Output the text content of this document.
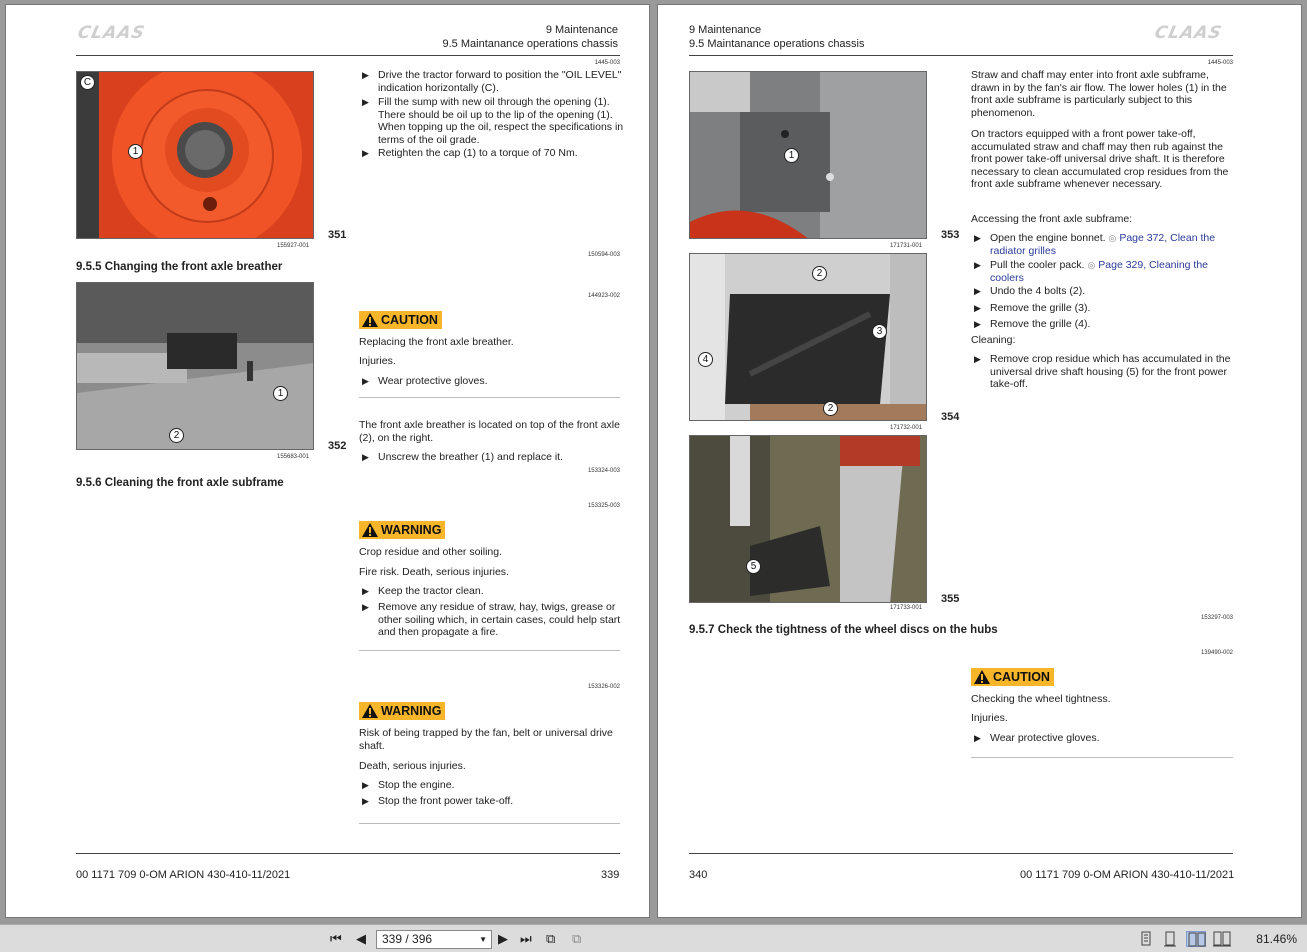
CLAAS	9 Maintenance
9.5 Maintanance operations chassis
1445-003
C
1
351
155927-001
▶ Drive the tractor forward to position the "OIL LEVEL" indication horizontally (C).
▶ Fill the sump with new oil through the opening (1). There should be oil up to the lip of the opening (1). When topping up the oil, respect the specifications in terms of the oil grade.
▶ Retighten the cap (1) to a torque of 70 Nm.
150594-003
9.5.5 Changing the front axle breather
1
2
352
155683-001
144923-002
CAUTION
Replacing the front axle breather.
Injuries.
▶ Wear protective gloves.
The front axle breather is located on top of the front axle (2), on the right.
▶ Unscrew the breather (1) and replace it.
153324-003
9.5.6 Cleaning the front axle subframe
153325-003
WARNING
Crop residue and other soiling.
Fire risk. Death, serious injuries.
▶ Keep the tractor clean.
▶ Remove any residue of straw, hay, twigs, grease or other soiling which, in certain cases, could help start and then propagate a fire.
153326-002
WARNING
Risk of being trapped by the fan, belt or universal drive shaft.
Death, serious injuries.
▶ Stop the engine.
▶ Stop the front power take-off.
00 1171 709 0-OM ARION 430-410-11/2021	339
9 Maintenance
9.5 Maintanance operations chassis
CLAAS
1445-003
1
353
171731-001
2
3
4
2
354
171732-001
5
355
171733-001
Straw and chaff may enter into front axle subframe, drawn in by the fan's air flow. The lower holes (1) in the front axle subframe is particularly subject to this phenomenon.
On tractors equipped with a front power take-off, accumulated straw and chaff may then rub against the front power take-off universal drive shaft. It is therefore necessary to clean accumulated crop residues from the front axle subframe whenever necessary.
Accessing the front axle subframe:
▶ Open the engine bonnet. ◎ Page 372, Clean the radiator grilles
▶ Pull the cooler pack. ◎ Page 329, Cleaning the coolers
▶ Undo the 4 bolts (2).
▶ Remove the grille (3).
▶ Remove the grille (4).
Cleaning:
▶ Remove crop residue which has accumulated in the universal drive shaft housing (5) for the front power take-off.
153297-003
9.5.7 Check the tightness of the wheel discs on the hubs
139490-002
CAUTION
Checking the wheel tightness.
Injuries.
▶ Wear protective gloves.
340	00 1171 709 0-OM ARION 430-410-11/2021
⏮ ◀	339 / 396	▼ ▶ ⏭ ⧉ ⧉	81.46%
